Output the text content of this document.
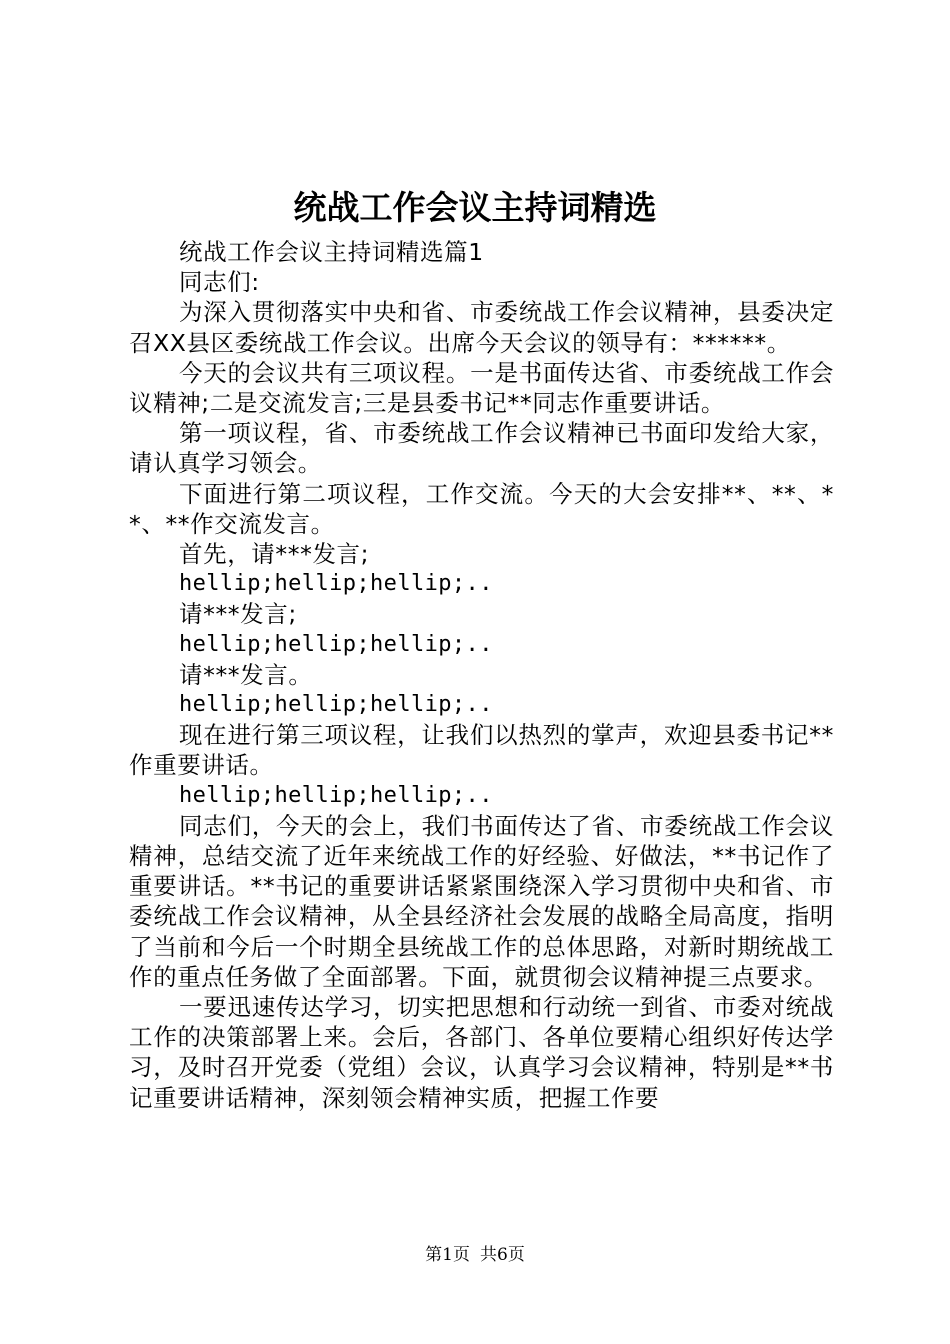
统战工作会议主持词精选

统战工作会议主持词精选篇1

同志们:

为深入贯彻落实中央和省、市委统战工作会议精神，县委决定召XX县区委统战工作会议。出席今天会议的领导有：******。

今天的会议共有三项议程。一是书面传达省、市委统战工作会议精神;二是交流发言;三是县委书记**同志作重要讲话。

第一项议程，省、市委统战工作会议精神已书面印发给大家，请认真学习领会。

下面进行第二项议程，工作交流。今天的大会安排**、**、**、**作交流发言。

首先，请***发言;

hellip;hellip;hellip;..

请***发言;

hellip;hellip;hellip;..

请***发言。

hellip;hellip;hellip;..

现在进行第三项议程，让我们以热烈的掌声，欢迎县委书记**作重要讲话。

hellip;hellip;hellip;..

同志们，今天的会上，我们书面传达了省、市委统战工作会议精神，总结交流了近年来统战工作的好经验、好做法，**书记作了重要讲话。**书记的重要讲话紧紧围绕深入学习贯彻中央和省、市委统战工作会议精神，从全县经济社会发展的战略全局高度，指明了当前和今后一个时期全县统战工作的总体思路，对新时期统战工作的重点任务做了全面部署。下面，就贯彻会议精神提三点要求。

一要迅速传达学习，切实把思想和行动统一到省、市委对统战工作的决策部署上来。会后，各部门、各单位要精心组织好传达学习，及时召开党委（党组）会议，认真学习会议精神，特别是**书记重要讲话精神，深刻领会精神实质，把握工作要

第1页 共6页
